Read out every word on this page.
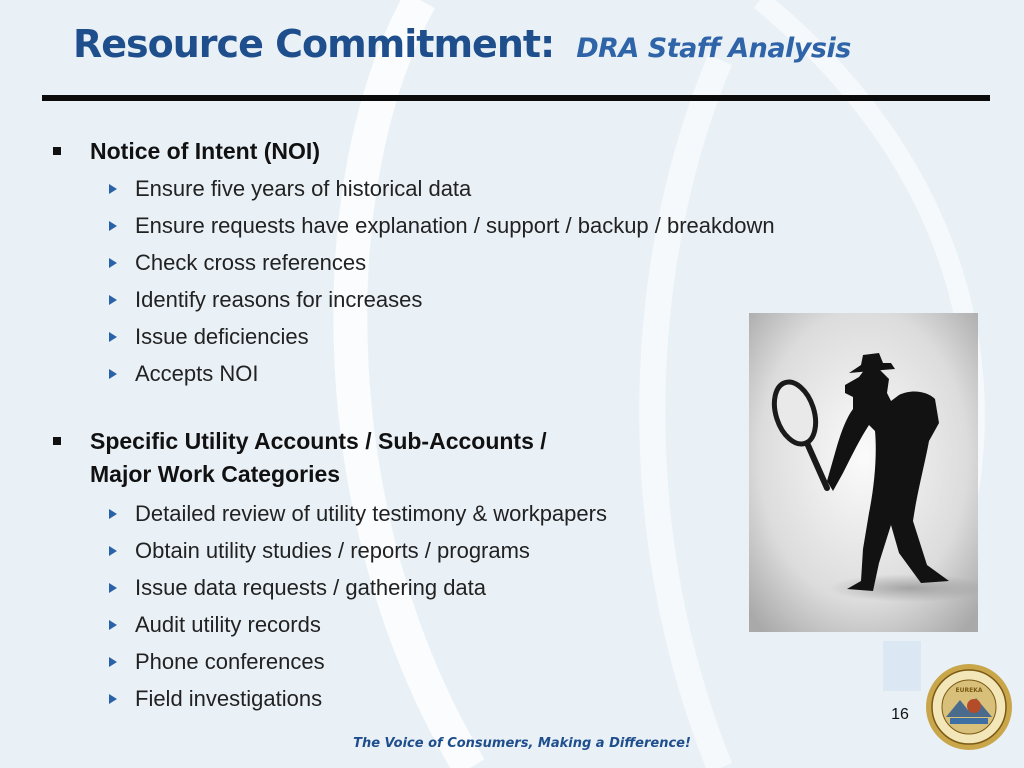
Resource Commitment: DRA Staff Analysis
Notice of Intent (NOI)
Ensure five years of historical data
Ensure requests have explanation / support / backup / breakdown
Check cross references
Identify reasons for increases
Issue deficiencies
Accepts NOI
Specific Utility Accounts / Sub-Accounts /
Major Work Categories
Detailed review of utility testimony & workpapers
Obtain utility studies / reports / programs
Issue data requests / gathering data
Audit utility records
Phone conferences
Field investigations
16
EUREKA
The Voice of Consumers, Making a Difference!
